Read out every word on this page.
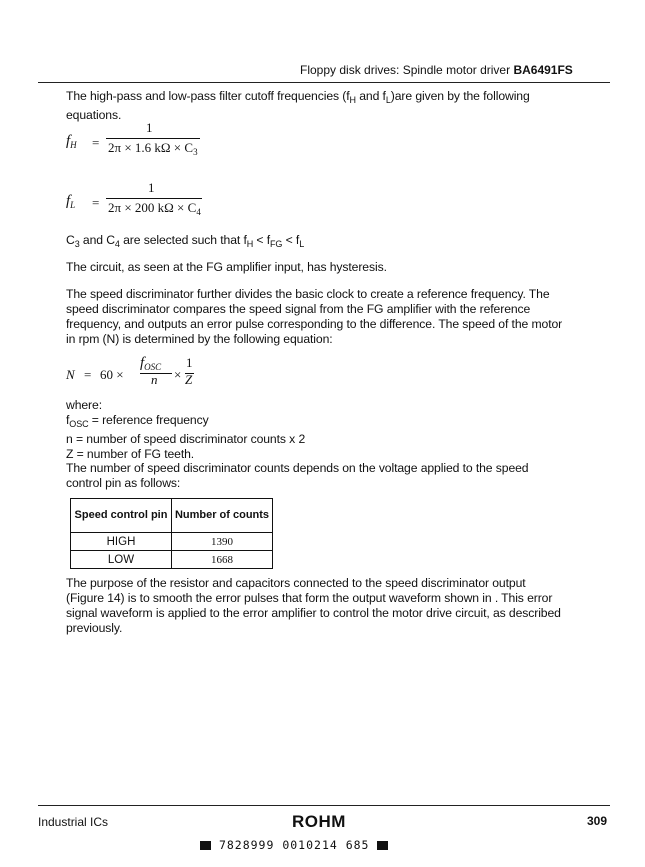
Floppy disk drives: Spindle motor driver BA6491FS
The high-pass and low-pass filter cutoff frequencies ($f_H$ and $f_L)are$ given by the following
equations.
$f_H$ =
1
2π × 1.6 $k\Omega \times C_3$
$f_L$ =
1
2π × 200 $k\Omega \times C_4$
$C_3$ and $C_4$ are selected such that $f_H < f_{FG} < f_L$
The circuit, as seen at the FG amplifier input, has hysteresis.
The speed discriminator further divides the basic clock to create a reference frequency. The
speed discriminator compares the speed signal from the FG amplifier with the reference
frequency, and outputs an error pulse corresponding to the difference. The speed of the motor
in rpm (N) is determined by the following equation:
N = 60 ×
$f_{OSC}$
n ×
1
Z
where:
$f_{OSC}$ = reference frequency
n = number of speed discriminator counts x 2
Z = number of FG teeth.
The number of speed discriminator counts depends on the voltage applied to the speed
control pin as follows:
Speed control pin	Number of counts
HIGH	1390
LOW	1668
The purpose of the resistor and capacitors connected to the speed discriminator output
(Figure 14) is to smooth the error pulses that form the output waveform shown in . This error
signal waveform is applied to the error amplifier to control the motor drive circuit, as described
previously.
Industrial ICs	ROHM	309
7828999 0010214 685
